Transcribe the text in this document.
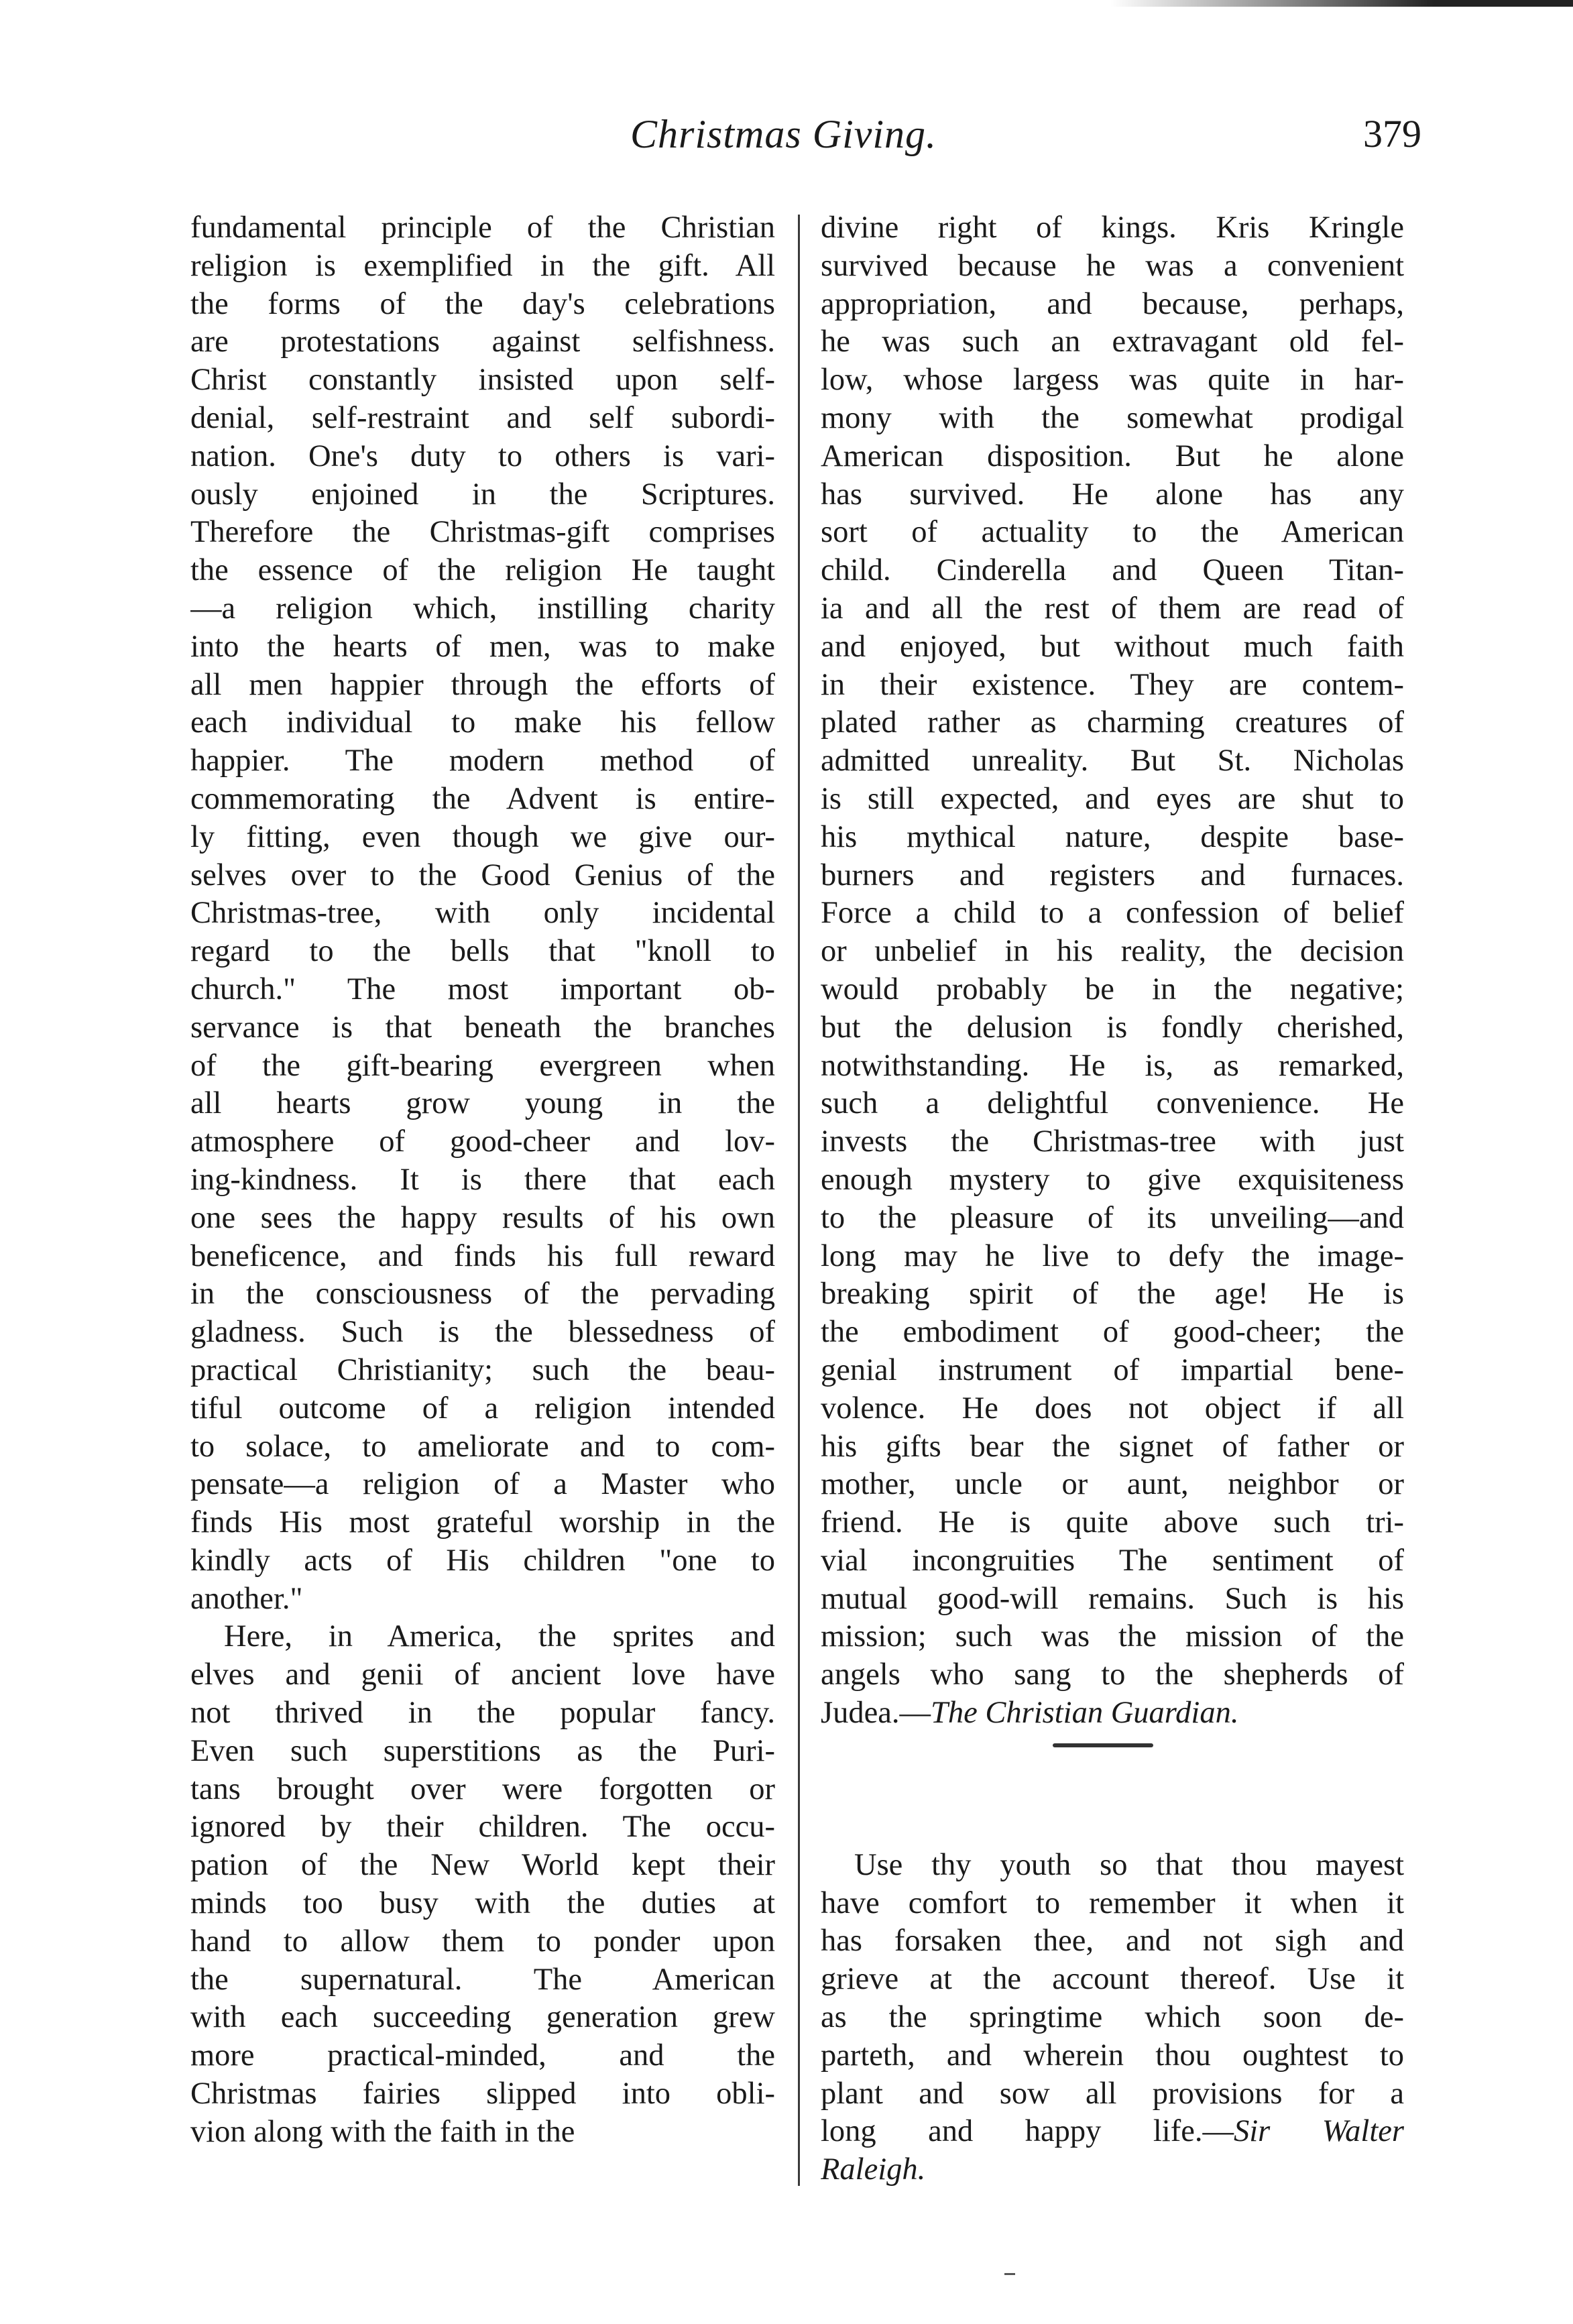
Christmas Giving.	379
fundamental principle of the Christian
religion is exemplified in the gift. All
the forms of the day's celebrations
are protestations against selfishness.
Christ constantly insisted upon self-
denial, self-restraint and self subordi-
nation. One's duty to others is vari-
ously enjoined in the Scriptures.
Therefore the Christmas-gift comprises
the essence of the religion He taught
—a religion which, instilling charity
into the hearts of men, was to make
all men happier through the efforts of
each individual to make his fellow
happier. The modern method of
commemorating the Advent is entire-
ly fitting, even though we give our-
selves over to the Good Genius of the
Christmas-tree, with only incidental
regard to the bells that "knoll to
church." The most important ob-
servance is that beneath the branches
of the gift-bearing evergreen when
all hearts grow young in the
atmosphere of good-cheer and lov-
ing-kindness. It is there that each
one sees the happy results of his own
beneficence, and finds his full reward
in the consciousness of the pervading
gladness. Such is the blessedness of
practical Christianity; such the beau-
tiful outcome of a religion intended
to solace, to ameliorate and to com-
pensate—a religion of a Master who
finds His most grateful worship in the
kindly acts of His children "one to
another."
Here, in America, the sprites and
elves and genii of ancient love have
not thrived in the popular fancy.
Even such superstitions as the Puri-
tans brought over were forgotten or
ignored by their children. The occu-
pation of the New World kept their
minds too busy with the duties at
hand to allow them to ponder upon
the supernatural. The American
with each succeeding generation grew
more practical-minded, and the
Christmas fairies slipped into obli-
vion along with the faith in the
divine right of kings. Kris Kringle
survived because he was a convenient
appropriation, and because, perhaps,
he was such an extravagant old fel-
low, whose largess was quite in har-
mony with the somewhat prodigal
American disposition. But he alone
has survived. He alone has any
sort of actuality to the American
child. Cinderella and Queen Titan-
ia and all the rest of them are read of
and enjoyed, but without much faith
in their existence. They are contem-
plated rather as charming creatures of
admitted unreality. But St. Nicholas
is still expected, and eyes are shut to
his mythical nature, despite base-
burners and registers and furnaces.
Force a child to a confession of belief
or unbelief in his reality, the decision
would probably be in the negative;
but the delusion is fondly cherished,
notwithstanding. He is, as remarked,
such a delightful convenience. He
invests the Christmas-tree with just
enough mystery to give exquisiteness
to the pleasure of its unveiling—and
long may he live to defy the image-
breaking spirit of the age! He is
the embodiment of good-cheer; the
genial instrument of impartial bene-
volence. He does not object if all
his gifts bear the signet of father or
mother, uncle or aunt, neighbor or
friend. He is quite above such tri-
vial incongruities The sentiment of
mutual good-will remains. Such is his
mission; such was the mission of the
angels who sang to the shepherds of
Judea.—The Christian Guardian.
Use thy youth so that thou mayest
have comfort to remember it when it
has forsaken thee, and not sigh and
grieve at the account thereof. Use it
as the springtime which soon de-
parteth, and wherein thou oughtest to
plant and sow all provisions for a
long and happy life.—Sir Walter
Raleigh.
